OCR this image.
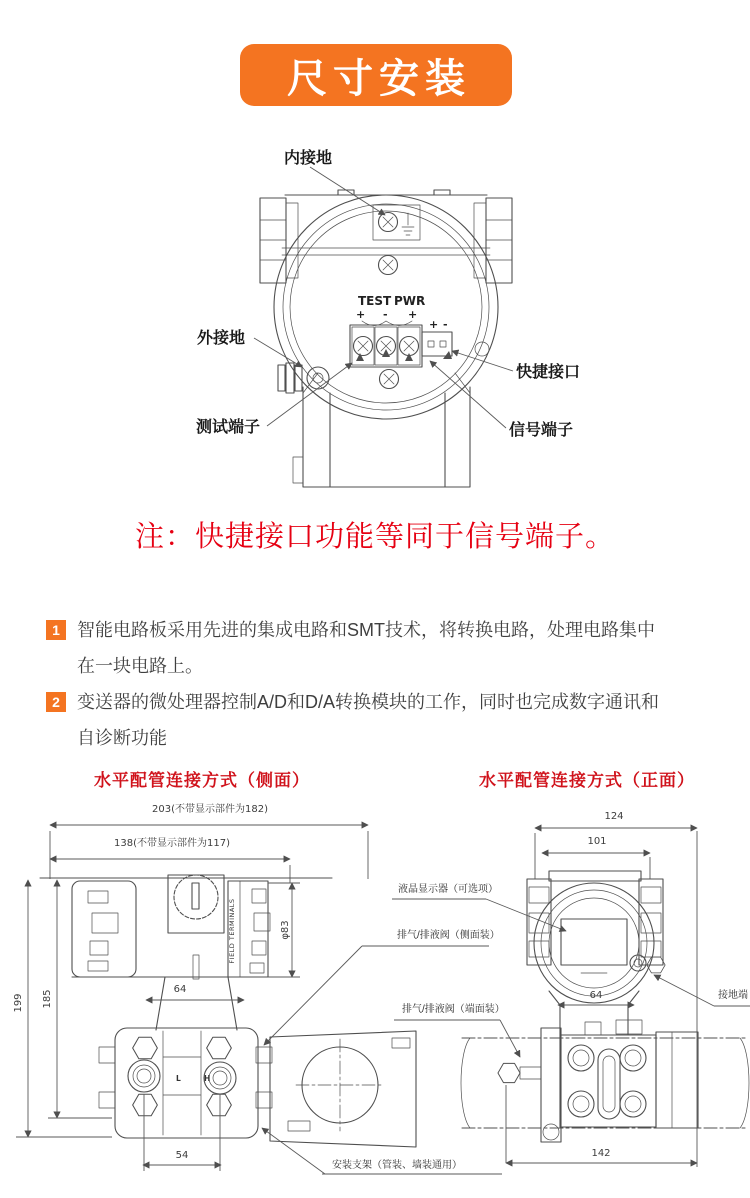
尺寸安装
TEST PWR
+ - +
+ -
内接地
外接地
测试端子
快捷接口
信号端子
注：快捷接口功能等同于信号端子。
1 智能电路板采用先进的集成电路和SMT技术，将转换电路，处理电路集中
在一块电路上。
2 变送器的微处理器控制A/D和D/A转换模块的工作，同时也完成数字通讯和
自诊断功能
水平配管连接方式（侧面）	水平配管连接方式（正面）
203(不带显示部件为182)
138(不带显示部件为117)
FIELD TERMINALS	φ83
64
L	H
199 185
54
安装支架（管装、墙装通用）
液晶显示器（可选项）
排气/排液阀（侧面装）
排气/排液阀（端面装）
124
101
64	接地端
142
